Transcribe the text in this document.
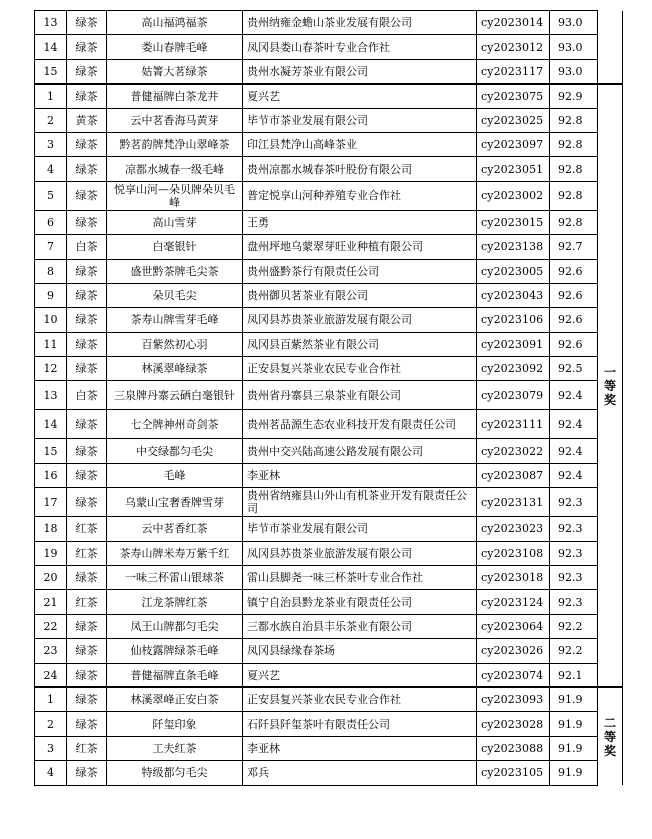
13	绿茶	高山福鸿福茶	贵州纳雍金蟾山茶业发展有限公司	cy2023014	93.0	
14	绿茶	娄山春牌毛峰	凤冈县娄山春茶叶专业合作社	cy2023012	93.0	
15	绿茶	姑箐大茗绿茶	贵州水凝芳茶业有限公司	cy2023117	93.0	
1	绿茶	普健福牌白茶龙井	夏兴艺	cy2023075	92.9	一等奖
2	黄茶	云中茗香海马黄芽	毕节市茶业发展有限公司	cy2023025	92.8	
3	绿茶	黔茗韵牌梵净山翠峰茶	印江县梵净山高峰茶业	cy2023097	92.8	
4	绿茶	凉都水城春一级毛峰	贵州凉都水城春茶叶股份有限公司	cy2023051	92.8	
5	绿茶	悦享山河—朵贝牌朵贝毛峰	普定悦享山河种养殖专业合作社	cy2023002	92.8	
6	绿茶	高山雪芽	王勇	cy2023015	92.8	
7	白茶	白毫银针	盘州坪地乌蒙翠芽旺业种植有限公司	cy2023138	92.7	
8	绿茶	盛世黔茶牌毛尖茶	贵州盛黔茶行有限责任公司	cy2023005	92.6	
9	绿茶	朵贝毛尖	贵州御贝茗茶业有限公司	cy2023043	92.6	
10	绿茶	茶寿山牌雪芽毛峰	凤冈县苏贵茶业旅游发展有限公司	cy2023106	92.6	
11	绿茶	百紫然初心羽	凤冈县百紫然茶业有限公司	cy2023091	92.6	
12	绿茶	林溪翠峰绿茶	正安县复兴茶业农民专业合作社	cy2023092	92.5	
13	白茶	三泉牌丹寨云硒白毫银针	贵州省丹寨县三泉茶业有限公司	cy2023079	92.4	
14	绿茶	七仝牌神州奇剑茶	贵州茗品源生态农业科技开发有限责任公司	cy2023111	92.4	
15	绿茶	中交绿都匀毛尖	贵州中交兴陆高速公路发展有限公司	cy2023022	92.4	
16	绿茶	毛峰	李亚林	cy2023087	92.4	
17	绿茶	乌蒙山宝奢香牌雪芽	贵州省纳雍县山外山有机茶业开发有限责任公司	cy2023131	92.3	
18	红茶	云中茗香红茶	毕节市茶业发展有限公司	cy2023023	92.3	
19	红茶	茶寿山牌米寿万紫千红	凤冈县苏贵茶业旅游发展有限公司	cy2023108	92.3	
20	绿茶	一味三杯雷山银球茶	雷山县脚尧一味三杯茶叶专业合作社	cy2023018	92.3	
21	红茶	江龙茶牌红茶	镇宁自治县黔龙茶业有限责任公司	cy2023124	92.3	
22	绿茶	凤王山牌都匀毛尖	三都水族自治县丰乐茶业有限公司	cy2023064	92.2	
23	绿茶	仙枝露牌绿茶毛峰	凤冈县绿缘春茶场	cy2023026	92.2	
24	绿茶	普健福牌直条毛峰	夏兴艺	cy2023074	92.1	
1	绿茶	林溪翠峰正安白茶	正安县复兴茶业农民专业合作社	cy2023093	91.9	二等奖
2	绿茶	阡玺印象	石阡县阡玺茶叶有限责任公司	cy2023028	91.9	
3	红茶	工夫红茶	李亚林	cy2023088	91.9	
4	绿茶	特级都匀毛尖	邓兵	cy2023105	91.9	
